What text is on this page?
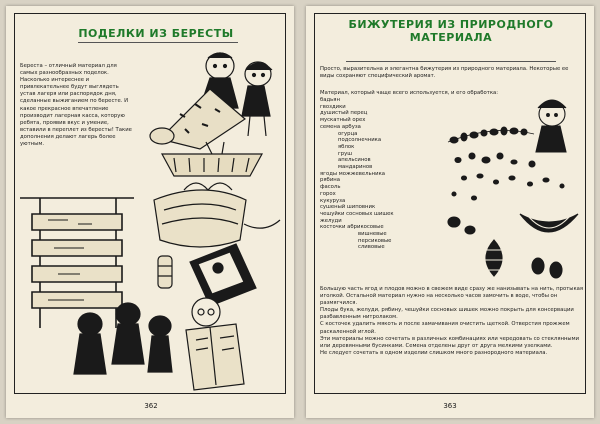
ПОДЕЛКИ ИЗ БЕРЕСТЫ
Береста – отличный материал для самых разнообразных поделок. Насколько интереснее и привлекательнее будут выглядеть устав лагеря или распорядок дня, сделанные выжиганием по бересте. И какое прекрасное впечатление производит лагерная касса, которую ребята, проявив вкус и умение, вставили в переплет из бересты! Такие дополнения делают лагерь более уютным.
362
БИЖУТЕРИЯ ИЗ ПРИРОДНОГО
МАТЕРИАЛА
Просто, выразительна и элегантна бижутерия из природного материала. Некоторые ее виды сохраняют специфический аромат.
Материал, который чаще всего используется, и его обработка:
бадьян
гвоздики
душистый перец
мускатный орех
семена арбуза
огурца
подсолнечника
яблок
груш
апельсинов
мандаринов
ягоды можжевельника
рябина
фасоль
горох
кукуруза
сушеный шиповник
чешуйки сосновых шишек
желуди
косточки абрикосовые
вишневые
персиковые
сливовые

Большую часть ягод и плодов можно в свежем виде сразу же нанизывать на нить, протыкая иголкой. Остальной материал нужно на несколько часов замочить в воде, чтобы он размягчился.

Плоды бука, желуди, рябину, чешуйки сосновых шишек можно покрыть для консервации разбавленным нитролаком.

С косточек удалить мякоть и после замачивания очистить щеткой. Отверстия прожжем раскаленной иглой.

Эти материалы можно сочетать в различных комбинациях или чередовать со стеклянными или деревянными бусинками. Семена отделены друг от друга мелкими узелками.

Не следует сочетать в одном изделии слишком много разнородного материала.

363
